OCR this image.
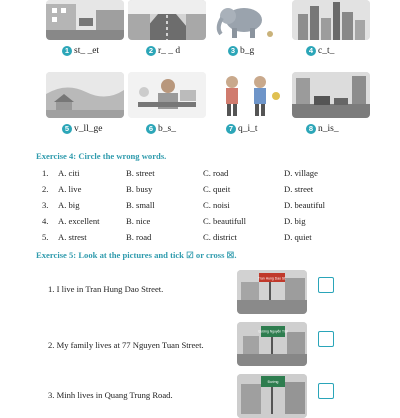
1 st_ _et	2 r_ _ d	3 b_g	4 c_t_
5 v_ll_ge	6 b_s_	7 q_i_t	8 n_is_
Exercise 4: Circle the wrong words.
1. A. citi	B. street	C. road	D. village
2. A. live	B. busy	C. queit	D. street
3. A. big	B. small	C. noisi	D. beautiful
4. A. excellent	B. nice	C. beautifull	D. big
5. A. strest	B. road	C. district	D. quiet
Exercise 5: Look at the pictures and tick ☑ or cross ☒.
1. I live in Tran Hung Dao Street.
Tran Hung Dao St.
2. My family lives at 77 Nguyen Tuan Street.
Đường Nguyễn Trãi
3. Minh lives in Quang Trung Road.
Đường
